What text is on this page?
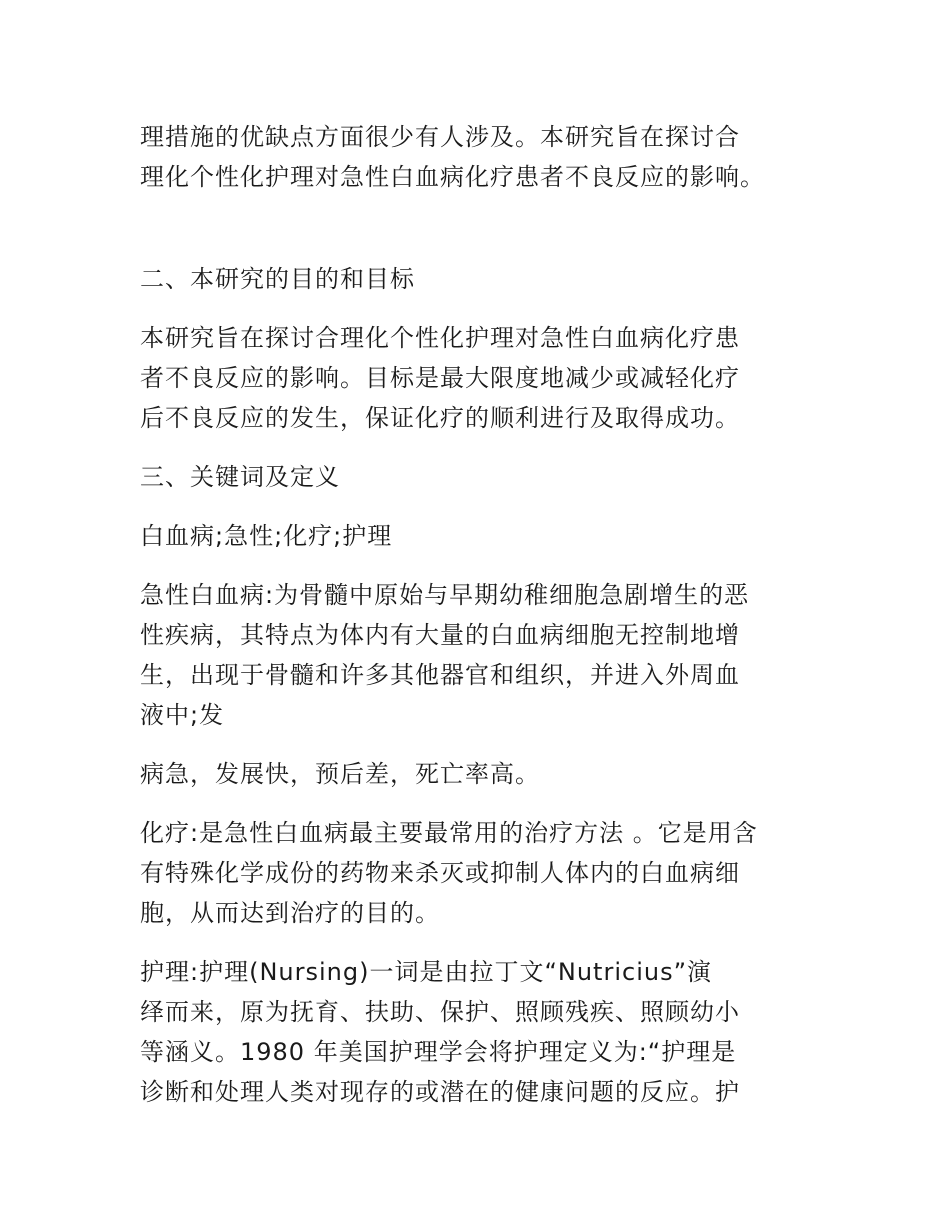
理措施的优缺点方面很少有人涉及。本研究旨在探讨合
理化个性化护理对急性白血病化疗患者不良反应的影响。

二、本研究的目的和目标

本研究旨在探讨合理化个性化护理对急性白血病化疗患
者不良反应的影响。目标是最大限度地减少或减轻化疗
后不良反应的发生，保证化疗的顺利进行及取得成功。

三、关键词及定义

白血病;急性;化疗;护理

急性白血病:为骨髓中原始与早期幼稚细胞急剧增生的恶
性疾病，其特点为体内有大量的白血病细胞无控制地增
生，出现于骨髓和许多其他器官和组织，并进入外周血
液中;发

病急，发展快，预后差，死亡率高。

化疗:是急性白血病最主要最常用的治疗方法 。它是用含
有特殊化学成份的药物来杀灭或抑制人体内的白血病细
胞，从而达到治疗的目的。

护理:护理(Nursing)一词是由拉丁文“Nutricius”演
绎而来，原为抚育、扶助、保护、照顾残疾、照顾幼小
等涵义。1980 年美国护理学会将护理定义为:“护理是
诊断和处理人类对现存的或潜在的健康问题的反应。护
